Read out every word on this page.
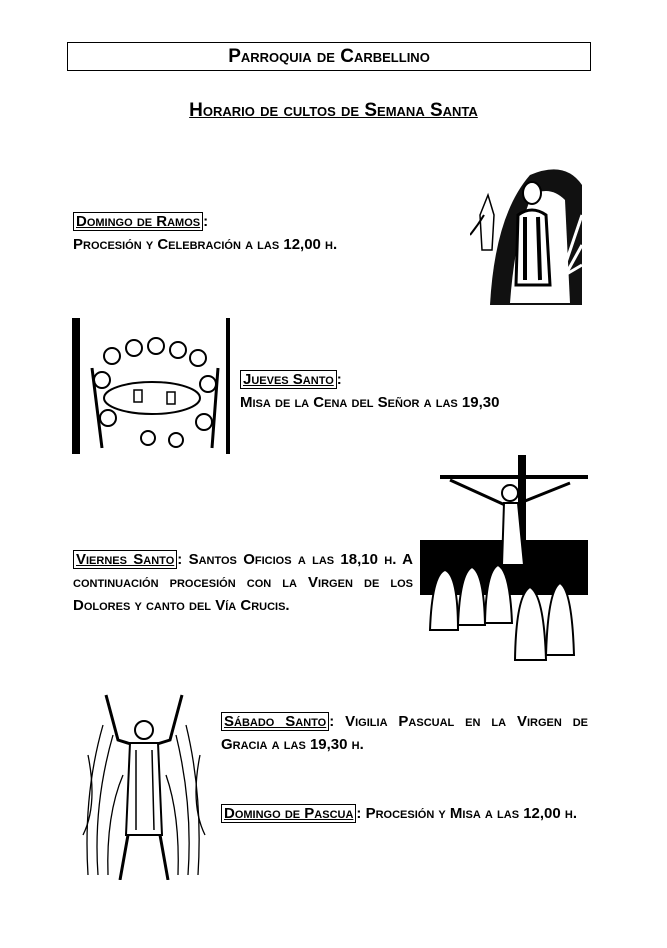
Parroquia de Carbellino
Horario de cultos de Semana Santa
Domingo de Ramos :
Procesión y Celebración a las 12,00 h.
Jueves Santo :
Misa de la Cena del Señor a las 19,30
Viernes Santo : Santos Oficios a las 18,10 h. A continuación procesión con la Virgen de los Dolores y canto del Vía Crucis.
Sábado Santo : Vigilia Pascual en la Virgen de Gracia a las 19,30 h.
Domingo de Pascua : Procesión y Misa a las 12,00 h.
